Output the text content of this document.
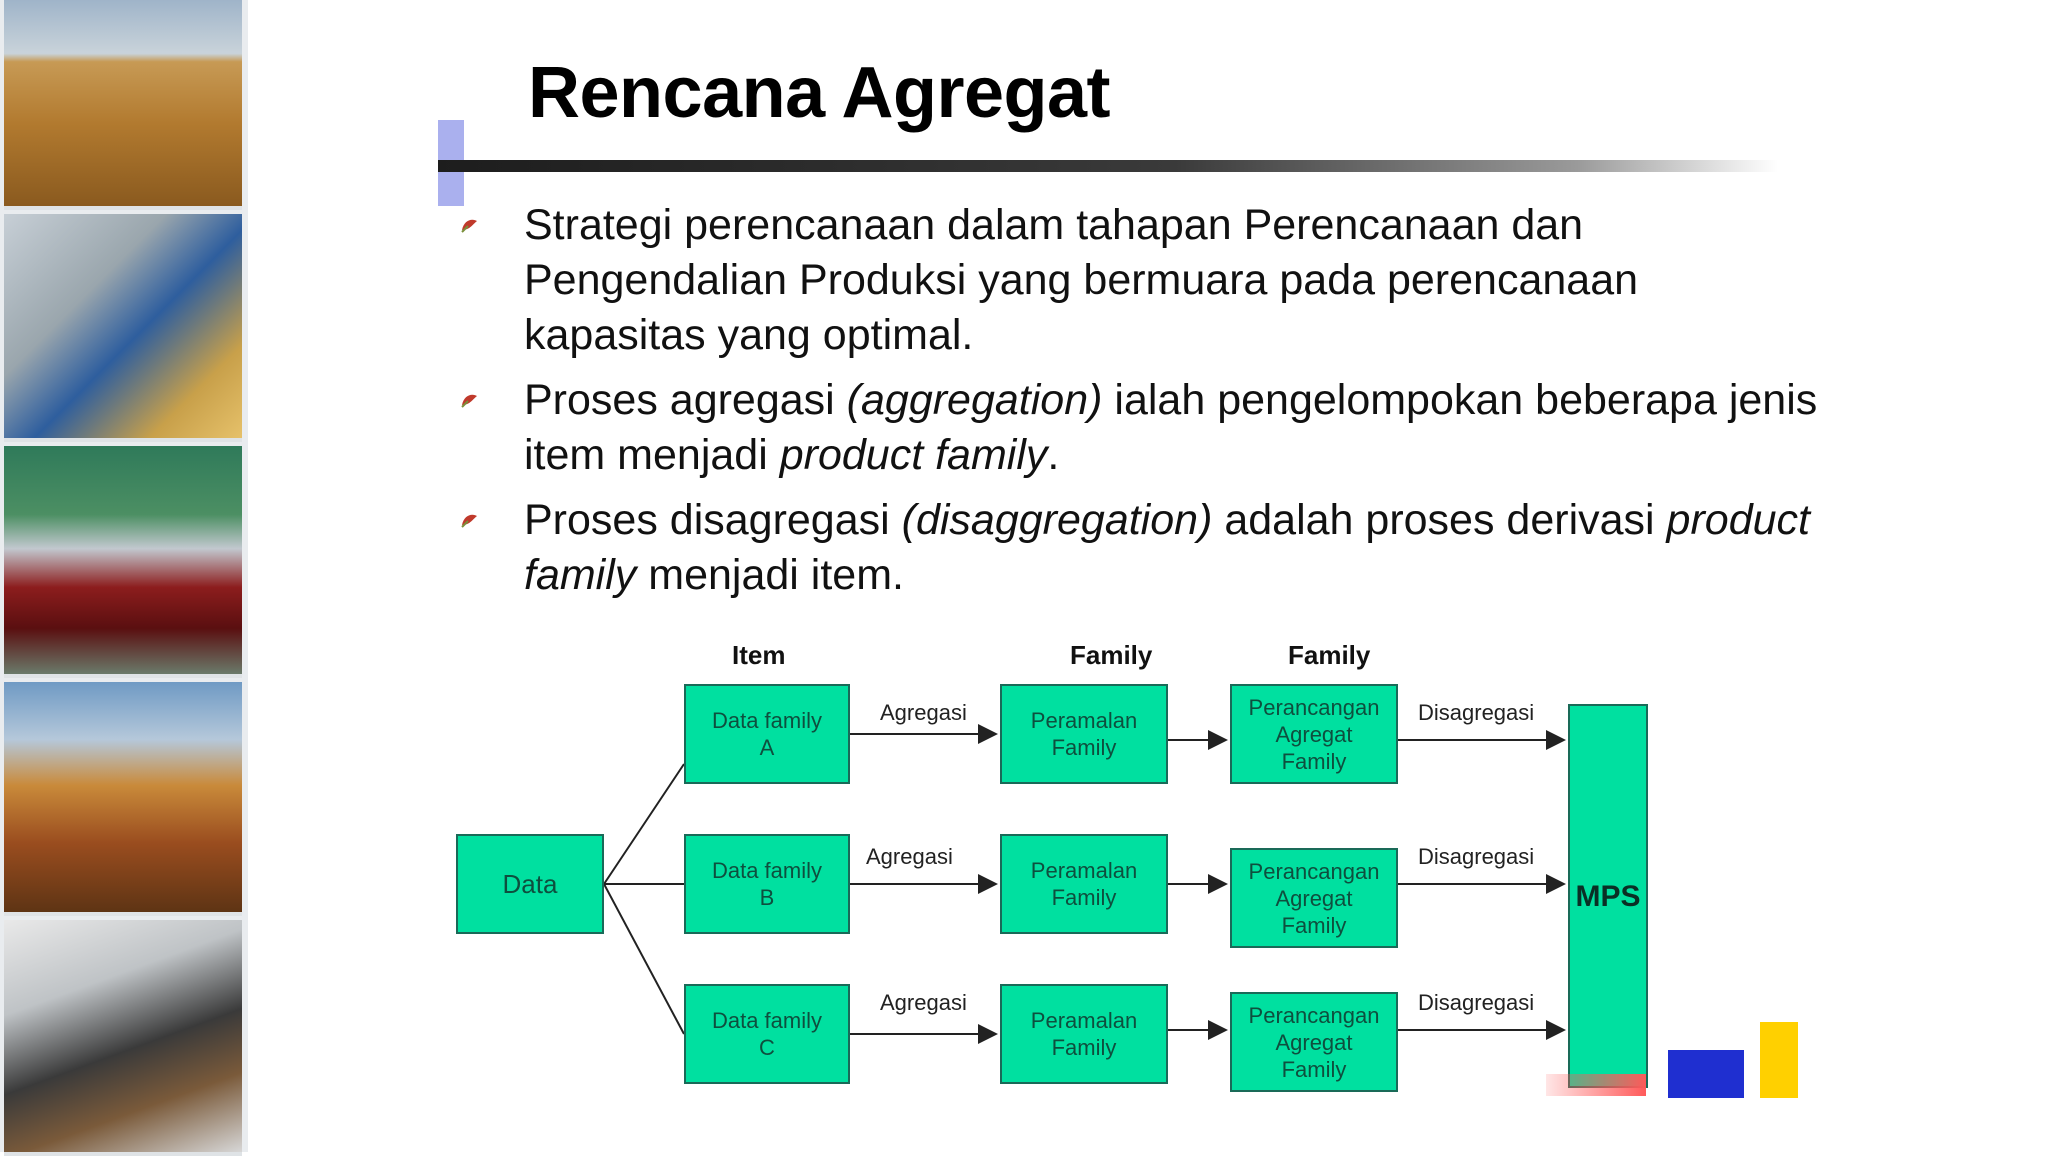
Rencana Agregat
Strategi perencanaan dalam tahapan Perencanaan dan Pengendalian Produksi yang bermuara pada perencanaan kapasitas yang optimal.
Proses agregasi (aggregation) ialah pengelompokan beberapa jenis item menjadi product family.
Proses disagregasi (disaggregation) adalah proses derivasi product family menjadi item.
Item	Family	Family
Data
Data family
A
Data family
B
Data family
C
Peramalan
Family
Peramalan
Family
Peramalan
Family
Perancangan
Agregat
Family
Perancangan
Agregat
Family
Perancangan
Agregat
Family
MPS
Agregasi
Agregasi
Agregasi
Disagregasi
Disagregasi
Disagregasi
